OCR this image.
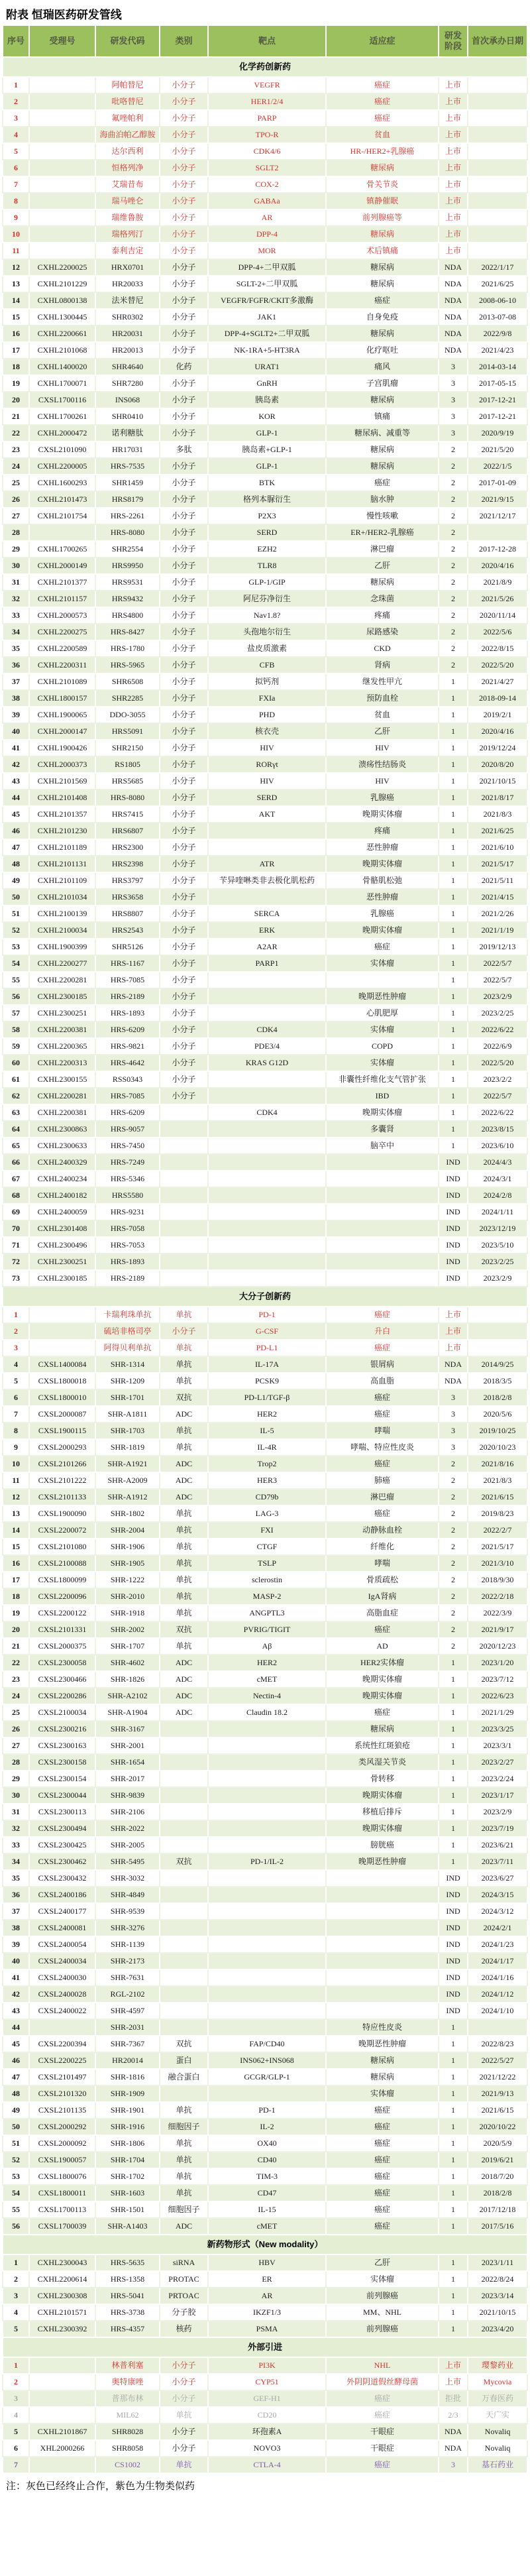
附表 恒瑞医药研发管线
序号	受理号	研发代码	类别	靶点	适应症	研发阶段	首次承办日期
化学药创新药							
1		阿帕替尼	小分子	VEGFR	癌症	上市	
2		吡咯替尼	小分子	HER1/2/4	癌症	上市	
3		氟唑帕利	小分子	PARP	癌症	上市	
4		海曲泊帕乙醇胺	小分子	TPO-R	贫血	上市	
5		达尔西利	小分子	CDK4/6	HR-/HER2+乳腺癌	上市	
6		恒格列净	小分子	SGLT2	糖尿病	上市	
7		艾瑞昔布	小分子	COX-2	骨关节炎	上市	
8		瑞马唑仑	小分子	GABAa	镇静催眠	上市	
9		瑞维鲁胺	小分子	AR	前列腺癌等	上市	
10		瑞格列汀	小分子	DPP-4	糖尿病	上市	
11		泰利吉定	小分子	MOR	术后镇痛	上市	
12	CXHL2200025	HRX0701	小分子	DPP-4+二甲双胍	糖尿病	NDA	2022/1/17
13	CXHL2101229	HR20033	小分子	SGLT-2+二甲双胍	糖尿病	NDA	2021/6/25
14	CXHL0800138	法米替尼	小分子	VEGFR/FGFR/CKIT多激酶	癌症	NDA	2008-06-10
15	CXHL1300445	SHR0302	小分子	JAK1	自身免疫	NDA	2013-07-08
16	CXHL2200661	HR20031	小分子	DPP-4+SGLT2+二甲双胍	糖尿病	NDA	2022/9/8
17	CXHL2101068	HR20013	小分子	NK-1RA+5-HT3RA	化疗呕吐	NDA	2021/4/23
18	CXHL1400020	SHR4640	化药	URAT1	痛风	3	2014-03-14
19	CXHL1700071	SHR7280	小分子	GnRH	子宫肌瘤	3	2017-05-15
20	CXSL1700116	INS068	小分子	胰岛素	糖尿病	3	2017-12-21
21	CXHL1700261	SHR0410	小分子	KOR	镇痛	3	2017-12-21
22	CXHL2000472	诺利糖肽	小分子	GLP-1	糖尿病、减重等	3	2020/9/19
23	CXSL2101090	HR17031	多肽	胰岛素+GLP-1	糖尿病	2	2021/5/20
24	CXHL2200005	HRS-7535	小分子	GLP-1	糖尿病	2	2022/1/5
25	CXHL1600293	SHR1459	小分子	BTK	癌症	2	2017-01-09
26	CXHL2101473	HRS8179	小分子	格列本脲衍生	脑水肿	2	2021/9/15
27	CXHL2101754	HRS-2261	小分子	P2X3	慢性咳嗽	2	2021/12/17
28		HRS-8080	小分子	SERD	ER+/HER2-乳腺癌	2	
29	CXHL1700265	SHR2554	小分子	EZH2	淋巴瘤	2	2017-12-28
30	CXHL2000149	HRS9950	小分子	TLR8	乙肝	2	2020/4/16
31	CXHL2101377	HRS9531	小分子	GLP-1/GIP	糖尿病	2	2021/8/9
32	CXHL2101157	HRS9432	小分子	阿尼芬净衍生	念珠菌	2	2021/5/26
33	CXHL2000573	HRS4800	小分子	Nav1.8?	疼痛	2	2020/11/14
34	CXHL2200275	HRS-8427	小分子	头孢地尔衍生	尿路感染	2	2022/5/6
35	CXHL2200589	HRS-1780	小分子	盐皮质激素	CKD	2	2022/8/15
36	CXHL2200311	HRS-5965	小分子	CFB	肾病	2	2022/5/20
37	CXHL2101089	SHR6508	小分子	拟钙剂	继发性甲亢	1	2021/4/27
38	CXHL1800157	SHR2285	小分子	FXIa	预防血栓	1	2018-09-14
39	CXHL1900065	DDO-3055	小分子	PHD	贫血	1	2019/2/1
40	CXHL2000147	HRS5091	小分子	核衣壳	乙肝	1	2020/4/16
41	CXHL1900426	SHR2150	小分子	HIV	HIV	1	2019/12/24
42	CXHL2000373	RS1805	小分子	RORγt	溃疡性结肠炎	1	2020/8/20
43	CXHL2101569	HRS5685	小分子	HIV	HIV	1	2021/10/15
44	CXHL2101408	HRS-8080	小分子	SERD	乳腺癌	1	2021/8/17
45	CXHL2101357	HRS7415	小分子	AKT	晚期实体瘤	1	2021/8/3
46	CXHL2101230	HRS6807	小分子		疼痛	1	2021/6/25
47	CXHL2101189	HRS2300	小分子		恶性肿瘤	1	2021/6/10
48	CXHL2101131	HRS2398	小分子	ATR	晚期实体瘤	1	2021/5/17
49	CXHL2101109	HRS3797	小分子	苄异喹啉类非去极化肌松药	骨骼肌松弛	1	2021/5/11
50	CXHL2101034	HRS3658	小分子		恶性肿瘤	1	2021/4/15
51	CXHL2100139	HRS8807	小分子	SERCA	乳腺癌	1	2021/2/26
52	CXHL2100034	HRS2543	小分子	ERK	晚期实体瘤	1	2021/1/19
53	CXHL1900399	SHR5126	小分子	A2AR	癌症	1	2019/12/13
54	CXHL2200277	HRS-1167	小分子	PARP1	实体瘤	1	2022/5/7
55	CXHL2200281	HRS-7085	小分子			1	2022/5/7
56	CXHL2300185	HRS-2189	小分子		晚期恶性肿瘤	1	2023/2/9
57	CXHL2300251	HRS-1893	小分子		心肌肥厚	1	2023/2/25
58	CXHL2200381	HRS-6209	小分子	CDK4	实体瘤	1	2022/6/22
59	CXHL2200365	HRS-9821	小分子	PDE3/4	COPD	1	2022/6/9
60	CXHL2200313	HRS-4642	小分子	KRAS G12D	实体瘤	1	2022/5/20
61	CXHL2300155	RSS0343	小分子		非囊性纤维化支气管扩张	1	2023/2/2
62	CXHL2200281	HRS-7085	小分子		IBD	1	2022/5/7
63	CXHL2200381	HRS-6209		CDK4	晚期实体瘤	1	2022/6/22
64	CXHL2300863	HRS-9057			多囊肾	1	2023/8/15
65	CXHL2300633	HRS-7450			脑卒中	1	2023/6/10
66	CXHL2400329	HRS-7249				IND	2024/4/3
67	CXHL2400234	HRS-5346				IND	2024/3/1
68	CXHL2400182	HRS5580				IND	2024/2/8
69	CXHL2400059	HRS-9231				IND	2024/1/11
70	CXHL2301408	HRS-7058				IND	2023/12/19
71	CXHL2300496	HRS-7053				IND	2023/5/10
72	CXHL2300251	HRS-1893				IND	2023/2/25
73	CXHL2300185	HRS-2189				IND	2023/2/9
大分子创新药							
1		卡瑞利珠单抗	单抗	PD-1	癌症	上市	
2		硫培非格司亭	小分子	G-CSF	升白	上市	
3		阿得贝利单抗	单抗	PD-L1	癌症	上市	
4	CXSL1400084	SHR-1314	单抗	IL-17A	银屑病	NDA	2014/9/25
5	CXSL1800018	SHR-1209	单抗	PCSK9	高血脂	NDA	2018/3/5
6	CXSL1800010	SHR-1701	双抗	PD-L1/TGF-β	癌症	3	2018/2/8
7	CXSL2000087	SHR-A1811	ADC	HER2	癌症	3	2020/5/6
8	CXSL1900115	SHR-1703	单抗	IL-5	哮喘	3	2019/10/25
9	CXSL2000293	SHR-1819	单抗	IL-4R	哮喘、特应性皮炎	3	2020/10/23
10	CXSL2101266	SHR-A1921	ADC	Trop2	癌症	2	2021/8/16
11	CXSL2101222	SHR-A2009	ADC	HER3	肺癌	2	2021/8/3
12	CXSL2101133	SHR-A1912	ADC	CD79b	淋巴瘤	2	2021/6/15
13	CXSL1900090	SHR-1802	单抗	LAG-3	癌症	2	2019/8/23
14	CXSL2200072	SHR-2004	单抗	FXI	动静脉血栓	2	2022/2/7
15	CXSL2101080	SHR-1906	单抗	CTGF	纤维化	2	2021/5/17
16	CXSL2100088	SHR-1905	单抗	TSLP	哮喘	2	2021/3/10
17	CXSL1800099	SHR-1222	单抗	sclerostin	骨质疏松	2	2018/9/30
18	CXSL2200096	SHR-2010	单抗	MASP-2	IgA肾病	2	2022/2/18
19	CXSL2200122	SHR-1918	单抗	ANGPTL3	高脂血症	2	2022/3/9
20	CXSL2101331	SHR-2002	双抗	PVRIG/TIGIT	癌症	2	2021/9/17
21	CXSL2000375	SHR-1707	单抗	Aβ	AD	2	2020/12/23
22	CXSL2300058	SHR-4602	ADC	HER2	HER2实体瘤	1	2023/1/20
23	CXSL2300466	SHR-1826	ADC	cMET	晚期实体瘤	1	2023/7/12
24	CXSL2200286	SHR-A2102	ADC	Nectin-4	晚期实体瘤	1	2022/6/23
25	CXSL2100034	SHR-A1904	ADC	Claudin 18.2	癌症	1	2021/1/29
26	CXSL2300216	SHR-3167			糖尿病	1	2023/3/25
27	CXSL2300163	SHR-2001			系统性红斑狼疮	1	2023/3/1
28	CXSL2300158	SHR-1654			类风湿关节炎	1	2023/2/27
29	CXSL2300154	SHR-2017			骨转移	1	2023/2/24
30	CXSL2300044	SHR-9839			晚期实体瘤	1	2023/1/17
31	CXSL2300113	SHR-2106			移植后排斥	1	2023/2/9
32	CXSL2300494	SHR-2022			晚期实体瘤	1	2023/7/19
33	CXSL2300425	SHR-2005			膀胱癌	1	2023/6/21
34	CXSL2300462	SHR-5495	双抗	PD-1/IL-2	晚期恶性肿瘤	1	2023/7/11
35	CXSL2300432	SHR-3032				IND	2023/6/27
36	CXSL2400186	SHR-4849				IND	2024/3/15
37	CXSL2400177	SHR-9539				IND	2024/3/12
38	CXSL2400081	SHR-3276				IND	2024/2/1
39	CXSL2400054	SHR-1139				IND	2024/1/23
40	CXSL2400034	SHR-2173				IND	2024/1/17
41	CXSL2400030	SHR-7631				IND	2024/1/16
42	CXSL2400028	RGL-2102				IND	2024/1/12
43	CXSL2400022	SHR-4597				IND	2024/1/10
44		SHR-2031			特应性皮炎	1	
45	CXSL2200394	SHR-7367	双抗	FAP/CD40	晚期恶性肿瘤	1	2022/8/23
46	CXSL2200225	HR20014	蛋白	INS062+INS068	糖尿病	1	2022/5/27
47	CXSL2101497	SHR-1816	融合蛋白	GCGR/GLP-1	糖尿病	1	2021/12/22
48	CXSL2101320	SHR-1909			实体瘤	1	2021/9/13
49	CXSL2101135	SHR-1901	单抗	PD-1	癌症	1	2021/6/15
50	CXSL2000292	SHR-1916	细胞因子	IL-2	癌症	1	2020/10/22
51	CXSL2000092	SHR-1806	单抗	OX40	癌症	1	2020/5/9
52	CXSL1900057	SHR-1704	单抗	CD40	癌症	1	2019/6/21
53	CXSL1800076	SHR-1702	单抗	TIM-3	癌症	1	2018/7/20
54	CXSL1800011	SHR-1603	单抗	CD47	癌症	1	2018/2/8
55	CXSL1700113	SHR-1501	细胞因子	IL-15	癌症	1	2017/12/18
56	CXSL1700039	SHR-A1403	ADC	cMET	癌症	1	2017/5/16
新药物形式（New modality）							
1	CXHL2300043	HRS-5635	siRNA	HBV	乙肝	1	2023/1/11
2	CXHL2200614	HRS-1358	PROTAC	ER	实体瘤	1	2022/8/24
3	CXHL2300308	HRS-5041	PRTOAC	AR	前列腺癌	1	2023/3/14
4	CXHL2101571	HRS-3738	分子胶	IKZF1/3	MM、NHL	1	2021/10/15
5	CXHL2300392	HRS-4357	核药	PSMA	前列腺癌	1	2023/4/20
外部引进							
1		林普利塞	小分子	PI3K	NHL	上市	璎黎药业
2		奥特康唑	小分子	CYP51	外阴阴道假丝酵母菌	上市	Mycovia
3		普那布林	小分子	GEF-H1	癌症	拒批	万春医药
4		MIL62	单抗	CD20	癌症	2/3	天广实
5	CXHL2101867	SHR8028	小分子	环孢素A	干眼症	NDA	Novaliq
6	XHL2000266	SHR8058	小分子	NOVO3	干眼症	NDA	Novaliq
7		CS1002	单抗	CTLA-4	癌症	3	基石药业
注：灰色已经终止合作，紫色为生物类似药
